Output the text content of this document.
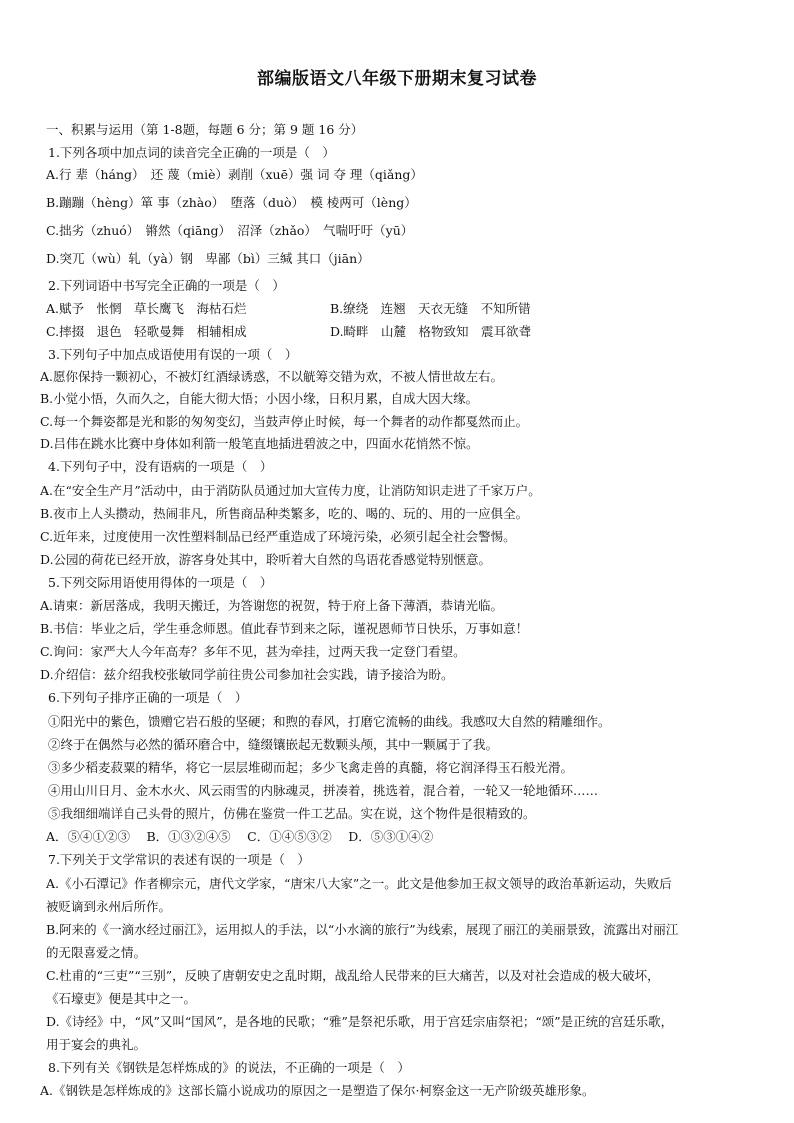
部编版语文八年级下册期末复习试卷
一、积累与运用（第 1-8题，每题 6 分；第 9 题 16 分）
1.下列各项中加点词的读音完全正确的一项是（　）
A.行 辈（háng）　还 蔑（miè）剥削（xuē）强 词 夺 理（qiǎng）
B.蹦蹦（hèng）箪 事（zhào）　堕落（duò）　模 棱两可（lèng）
C.拙劣（zhuó）　锵然（qiāng）　沼泽（zhǎo）　气喘吁吁（yū）
D.突兀（wù）轧（yà）钢　卑鄙（bì）三缄 其口（jiān）
2.下列词语中书写完全正确的一项是（　）
A.赋予　怅惘　草长鹰飞　海枯石烂	B.缭绕　连翘　天衣无缝　不知所错
C.摔掇　退色　轻歌曼舞　相辅相成	D.畸畔　山麓　格物致知　震耳欲聋
3.下列句子中加点成语使用有误的一项（　）
A.愿你保持一颗初心，不被灯红酒绿诱惑，不以觥筹交错为欢，不被人情世故左右。
B.小觉小悟，久而久之，自能大彻大悟；小因小缘，日积月累，自成大因大缘。
C.每一个舞姿都是光和影的匆匆变幻，当鼓声停止时候，每一个舞者的动作都戛然而止。
D.吕伟在跳水比赛中身体如利箭一般笔直地插进碧波之中，四面水花悄然不惊。
4.下列句子中，没有语病的一项是（　）
A.在“安全生产月”活动中，由于消防队员通过加大宣传力度，让消防知识走进了千家万户。
B.夜市上人头攒动，热闹非凡，所售商品种类繁多，吃的、喝的、玩的、用的一应俱全。
C.近年来，过度使用一次性塑料制品已经严重造成了环境污染，必须引起全社会警惕。
D.公园的荷花已经开放，游客身处其中，聆听着大自然的鸟语花香感觉特别惬意。
5.下列交际用语使用得体的一项是（　）
A.请柬：新居落成，我明天搬迁，为答谢您的祝贺，特于府上备下薄酒，恭请光临。
B.书信：毕业之后，学生垂念师恩。值此春节到来之际，谨祝恩师节日快乐，万事如意！
C.询问：家严大人今年高寿？多年不见，甚为牵挂，过两天我一定登门看望。
D.介绍信：兹介绍我校张敏同学前往贵公司参加社会实践，请予接洽为盼。
6.下列句子排序正确的一项是（　）
①阳光中的紫色，馈赠它岩石般的坚硬；和煦的春风，打磨它流畅的曲线。我感叹大自然的精雕细作。
②终于在偶然与必然的循环磨合中，缝缀镶嵌起无数颗头颅，其中一颗属于了我。
③多少稻麦菽粟的精华，将它一层层堆砌而起；多少飞禽走兽的真髓，将它润泽得玉石般光滑。
④用山川日月、金木水火、风云雨雪的内脉魂灵，拼凑着，挑选着，混合着，一轮又一轮地循环……
⑤我细细端详自己头骨的照片，仿佛在鉴赏一件工艺品。实在说，这个物件是很精致的。
A．⑤④①②③　 B．①③②④⑤　 C．①④⑤③②　 D．⑤③①④②
7.下列关于文学常识的表述有误的一项是（　）
A.《小石潭记》作者柳宗元，唐代文学家，“唐宋八大家”之一。此文是他参加王叔文领导的政治革新运动，失败后
被贬谪到永州后所作。
B.阿来的《一滴水经过丽江》，运用拟人的手法，以“小水滴的旅行”为线索，展现了丽江的美丽景致，流露出对丽江
的无限喜爱之情。
C.杜甫的“三吏”“三别”，反映了唐朝安史之乱时期，战乱给人民带来的巨大痛苦，以及对社会造成的极大破坏，
《石壕吏》便是其中之一。
D.《诗经》中，“风”又叫“国风”，是各地的民歌；“雅”是祭祀乐歌，用于宫廷宗庙祭祀；“颂”是正统的宫廷乐歌，
用于宴会的典礼。
8.下列有关《钢铁是怎样炼成的》的说法，不正确的一项是（　）
A.《钢铁是怎样炼成的》这部长篇小说成功的原因之一是塑造了保尔·柯察金这一无产阶级英雄形象。
